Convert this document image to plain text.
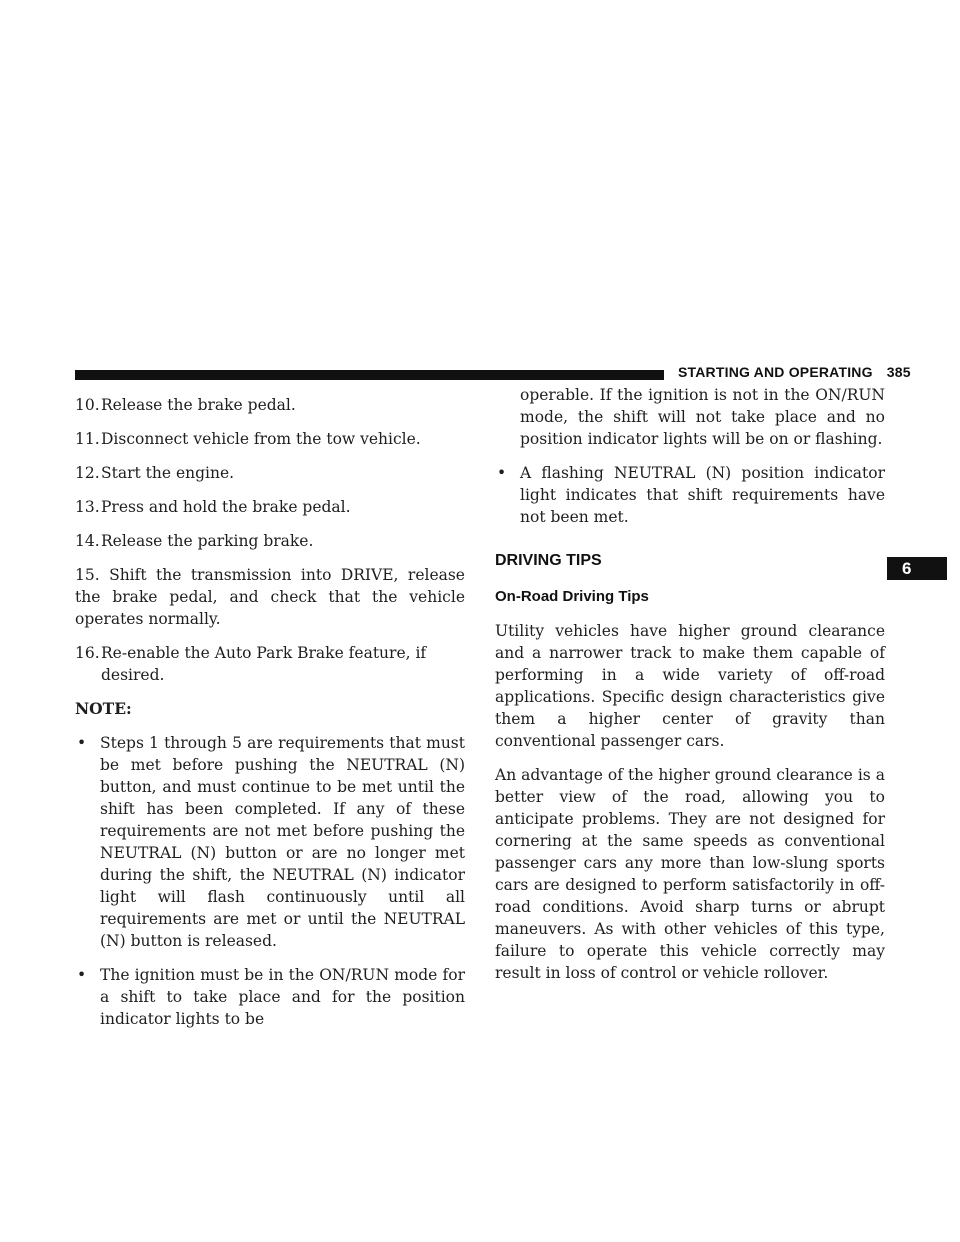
STARTING AND OPERATING 385
6
10. Release the brake pedal.
11. Disconnect vehicle from the tow vehicle.
12. Start the engine.
13. Press and hold the brake pedal.
14. Release the parking brake.
15. Shift the transmission into DRIVE, release the brake pedal, and check that the vehicle operates normally.
16. Re-enable the Auto Park Brake feature, if desired.
NOTE:
• Steps 1 through 5 are requirements that must be met before pushing the NEUTRAL (N) button, and must continue to be met until the shift has been completed. If any of these requirements are not met before pushing the NEUTRAL (N) button or are no longer met during the shift, the NEUTRAL (N) indicator light will flash continuously until all requirements are met or until the NEUTRAL (N) button is released.
• The ignition must be in the ON/RUN mode for a shift to take place and for the position indicator lights to be
operable. If the ignition is not in the ON/RUN mode, the shift will not take place and no position indicator lights will be on or flashing.
• A flashing NEUTRAL (N) position indicator light indicates that shift requirements have not been met.
DRIVING TIPS
On-Road Driving Tips
Utility vehicles have higher ground clearance and a narrower track to make them capable of performing in a wide variety of off-road applications. Specific design characteristics give them a higher center of gravity than conventional passenger cars.
An advantage of the higher ground clearance is a better view of the road, allowing you to anticipate problems. They are not designed for cornering at the same speeds as conventional passenger cars any more than low-slung sports cars are designed to perform satisfactorily in off-road conditions. Avoid sharp turns or abrupt maneuvers. As with other vehicles of this type, failure to operate this vehicle correctly may result in loss of control or vehicle rollover.
